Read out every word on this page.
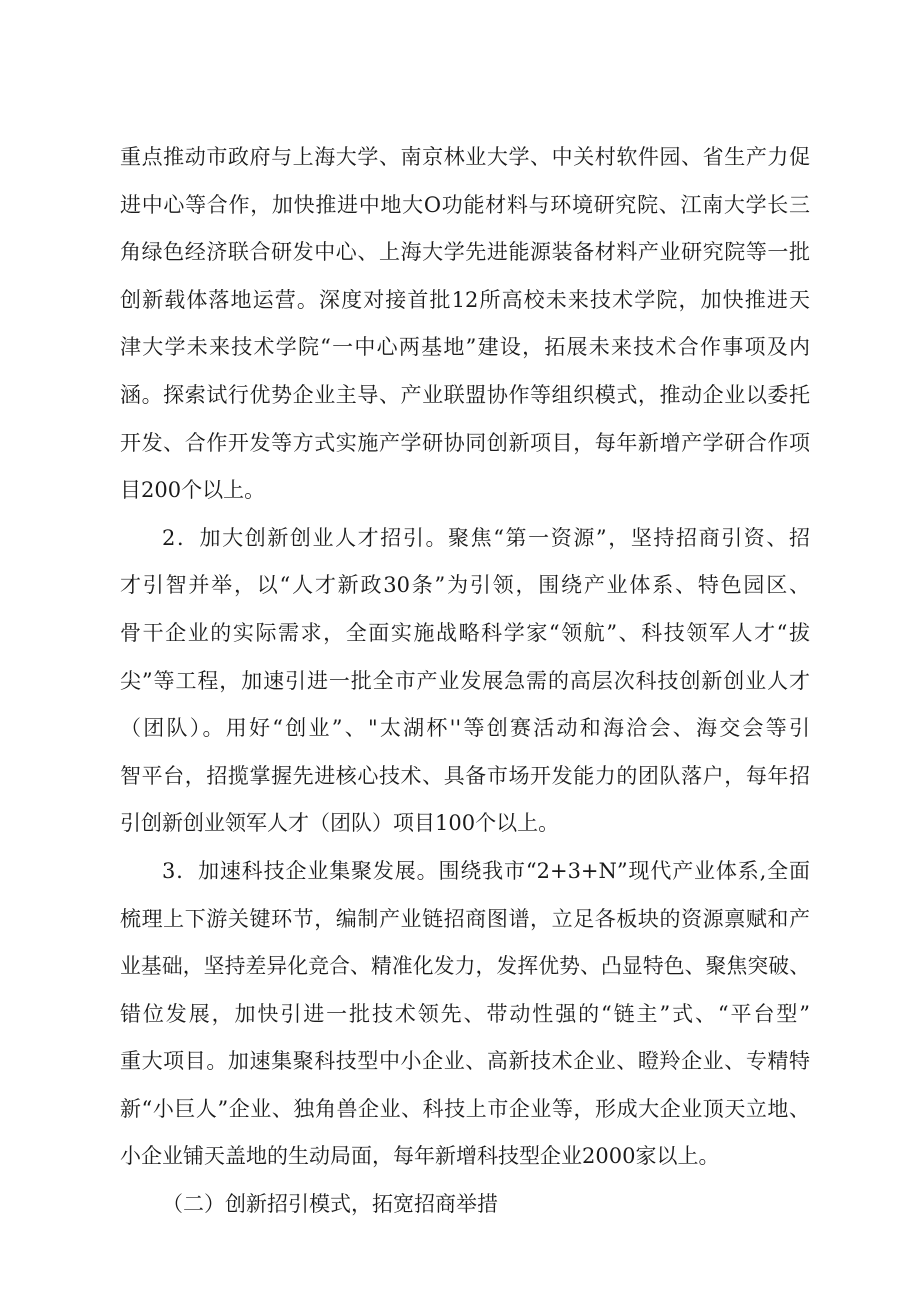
重点推动市政府与上海大学、南京林业大学、中关村软件园、省生产力促
进中心等合作，加快推进中地大O功能材料与环境研究院、江南大学长三
角绿色经济联合研发中心、上海大学先进能源装备材料产业研究院等一批
创新载体落地运营。深度对接首批12所高校未来技术学院，加快推进天
津大学未来技术学院“一中心两基地”建设，拓展未来技术合作事项及内
涵。探索试行优势企业主导、产业联盟协作等组织模式，推动企业以委托
开发、合作开发等方式实施产学研协同创新项目，每年新增产学研合作项
目200个以上。
2．加大创新创业人才招引。聚焦“第一资源”，坚持招商引资、招
才引智并举，以“人才新政30条”为引领，围绕产业体系、特色园区、
骨干企业的实际需求，全面实施战略科学家“领航”、科技领军人才“拔
尖”等工程，加速引进一批全市产业发展急需的高层次科技创新创业人才
（团队）。用好“创业”、"太湖杯''等创赛活动和海洽会、海交会等引
智平台，招揽掌握先进核心技术、具备市场开发能力的团队落户，每年招
引创新创业领军人才（团队）项目100个以上。
3．加速科技企业集聚发展。围绕我市“2+3+N”现代产业体系,全面
梳理上下游关键环节，编制产业链招商图谱，立足各板块的资源禀赋和产
业基础，坚持差异化竞合、精准化发力，发挥优势、凸显特色、聚焦突破、
错位发展，加快引进一批技术领先、带动性强的“链主”式、“平台型”
重大项目。加速集聚科技型中小企业、高新技术企业、瞪羚企业、专精特
新“小巨人”企业、独角兽企业、科技上市企业等，形成大企业顶天立地、
小企业铺天盖地的生动局面，每年新增科技型企业2000家以上。
（二）创新招引模式，拓宽招商举措
